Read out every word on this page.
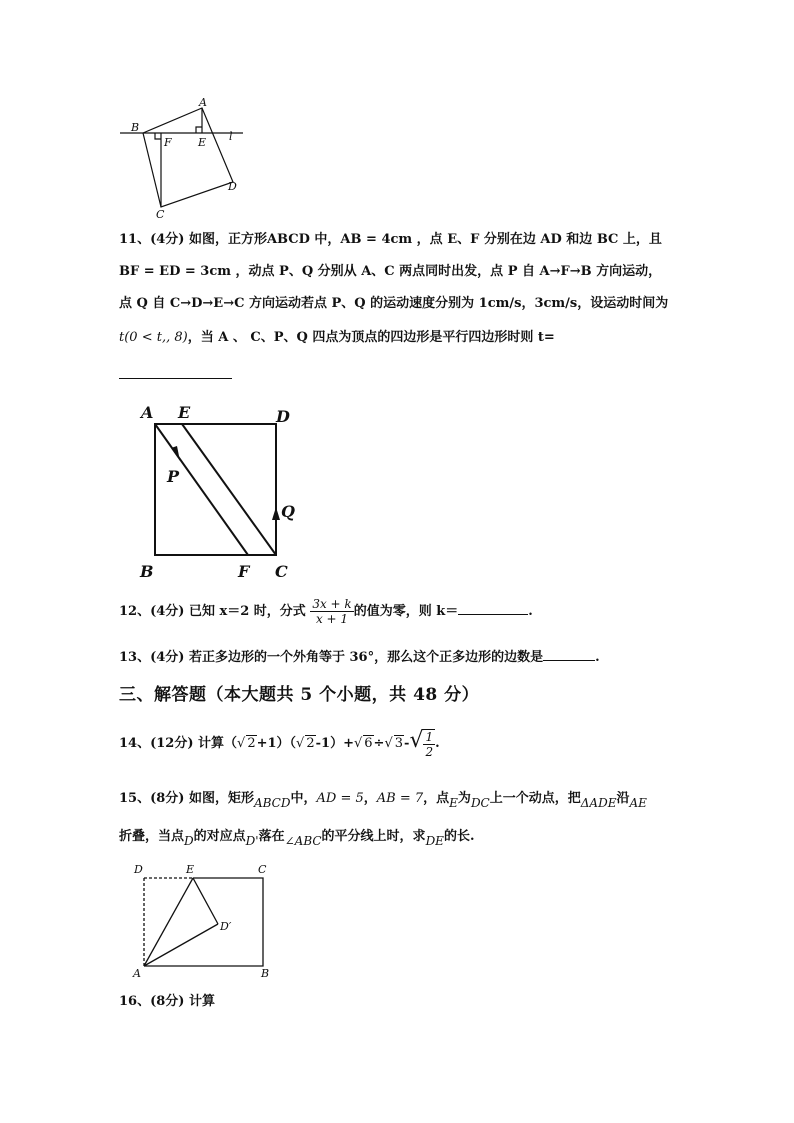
A
B
C
D
E
F	l
11、(4分) 如图，正方形ABCD 中，AB = 4cm ，点 E、F 分别在边 AD 和边 BC 上，且
BF = ED = 3cm ，动点 P、Q 分别从 A、C 两点同时出发，点 P 自 A→F→B 方向运动，
点 Q 自 C→D→E→C 方向运动若点 P、Q 的运动速度分别为 1cm/s，3cm/s，设运动时间为
t(0 < t,, 8)，当 A 、 C、P、Q 四点为顶点的四边形是平行四边形时则 t=
A E	D
P
Q
B	F C
12、(4分) 已知 x＝2 时，分式 $\frac{3x + k}{x + 1}$ 的值为零，则 k＝	.
13、(4分) 若正多边形的一个外角等于 36°，那么这个正多边形的边数是	.
三、解答题（本大题共 5 个小题，共 48 分）
14、(12分) 计算（√ 2+1）（√ 2-1）+√ 6÷√ $3-√ \frac{1}{2}$ .
15、(8分) 如图，矩形ABCD中，AD = 5，AB = 7，点E为DC上一个动点，把ΔADE沿AE
折叠，当点D的对应点D'落在∠ABC的平分线上时，求DE的长.
D	E	C
D′
A	B
16、(8分) 计算
